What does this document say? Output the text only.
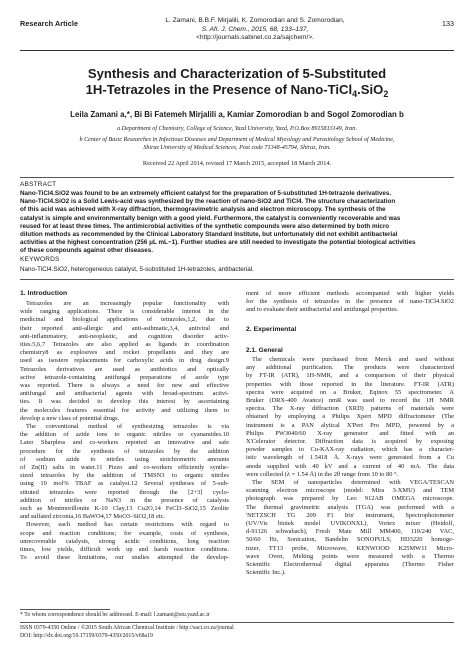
Research Article	L. Zamani, B.B.F. Mirjalili, K. Zomorodian and S. Zomorodian,
S. Afr. J. Chem., 2015, 68, 133–137,
<http://journals.sabinet.co.za/sajchem/>.
133
Synthesis and Characterization of 5-Substituted
1H-Tetrazoles in the Presence of Nano-TiCl$_4$.SiO$_2$
Leila Zamani a,*, Bi Bi Fatemeh Mirjalili a, Kamiar Zomorodian b and Sogol Zomorodian b
a Department of Chemistry, College of Science, Yazd University, Yazd, P.O.Box 8915813149, Iran.
b Center of Basic Researches in Infectious Diseases and Department of Medical Mycology and Parasitology School of Medicine,
Shiraz University of Medical Sciences, Post code 71348-45794, Shiraz, Iran.
Received 22 April 2014, revised 17 March 2015, accepted 18 March 2014.
ABSTRACT
Nano-TiCl4.SiO2 was found to be an extremely efficient catalyst for the preparation of 5-substituted 1H-tetrazole derivatives.
Nano-TiCl4.SiO2 is a Solid Lewis-acid was synthesized by the reaction of nano-SiO2 and TiCl4. The structure characterization
of this acid was achieved with X-ray diffraction, thermogravimetric analysis and electron microscopy. The synthesis of the
catalyst is simple and environmentally benign with a good yield. Furthermore, the catalyst is conveniently recoverable and was
reused for at least three times. The antimicrobial activities of the synthetic compounds were also determined by both micro
dilution methods as recommended by the Clinical Laboratory Standard Institute, but unfortunately did not exhibit antibacterial
activities at the highest concentration (256 μL mL−1). Further studies are still needed to investigate the potential biological activities
of these compounds against other diseases.
KEYWORDS
Nano-TiCl4.SiO2, heterogeneous catalyst, 5-substituted 1H-tetrazoles, antibacterial.
1. Introduction
Tetrazoles are an increasingly popular functionality with
wide ranging applications. There is considerable interest in the
medicinal and biological applications of tetrazoles,1,2, due to
their reported anti-allergic and anti-asthmatic,3,4, antiviral and
anti-inflammatory, anti-neoplastic, and cognition disorder activ-
ities.5,6,7 Tetrazoles are also applied as ligands in coordination
chemistry8 as explosives and rocket propellants and they are
used as isostere replacements for carboxylic acids in drug design.9
Tetrazoles derivatives are used as antibiotics and optically
active tetrazole-containing antifungal preparations of azole type
was reported. There is always a need for new and effective
antifungal and antibacterial agents with broad-spectrum activi-
ties. It was decided to develop this interest by ascertaining
the molecules features essential for activity and utilizing them to
develop a new class of potential drugs.
The conventional method of synthesizing tetrazoles is via
the addition of azide ions to organic nitriles or cyanamides.10
Later Sharpless and co-workers reported an innovative and safe
procedure for the synthesis of tetrazoles by the addition
of sodium azide to nitriles using stoichiometric amounts
of Zn(II) salts in water.11 Pizzo and co-workers efficiently synthe-
sized tetrazoles by the addition of TMSN3 to organic nitriles
using 10 mol% TBAF as catalyst.12 Several syntheses of 5-sub-
stituted tetrazoles were reported through the [2+3] cyclo-
addition of nitriles or NaN3 in the presence of catalysts
such as Montmorillonite K-10 Clay,13 Cu2O,14 FeCl3–SiO2,15 Zeolite
and sulfated zirconia,16 BaWO4,17 MoO3–SiO2,18 etc.
However, each method has certain restrictions with regard to
scope and reaction conditions; for example, costs of synthesis,
unrecoverable catalysts, strong acidic conditions, long reaction
times, low yields, difficult work up and harsh reaction conditions.
To avoid these limitations, our studies attempted the develop-
ment of more efficient methods accompanied with higher yields
for the synthesis of tetrazoles in the presence of nano-TiCl4.SiO2
and to evaluate their antibacterial and antifungal properties.
2. Experimental
2.1. General
The chemicals were purchased from Merck and used without
any additional purification. The products were characterized
by FT-IR (ATR), 1H-NMR, and a comparison of their physical
properties with those reported in the literature. FT-IR (ATR)
spectra were acquired on a Bruker, Eqinox 55 spectrometer. A
Bruker (DRX-400 Avance) nmR was used to record the 1H NMR
spectra. The X-ray diffraction (XRD) patterns of materials were
obtained by employing a Philips Xpert MPD diffractometer (The
instrument is a PAN alytical X'Pert Pro MPD, powered by a
Philips PW3040/60 X-ray generator and fitted with an
X'Celerator detector. Diffraction data is acquired by exposing
powder samples to Cu-KAX-ray radiation, which has a character-
istic wavelength of 1.5418 Å. X-rays were generated from a Cu
anode supplied with 40 kV and a current of 40 mA. The data
were collected (λ = 1.54 Å) in the 2θ range from 10 to 80 °.
The SEM of nanoparticles determined with VEGA/TESCAN
scanning electron microscope (model: Mira 3-XMU) and TEM
photograph was prepared by Leo 912AB OMEGA microscope.
The thermal gravimetric analysis (TGA) was performed with a
'NETZSCH TG 209 F1 Iris' instrument, Spectrophotometer
(UV/Vis biotek model UVIKONXL), Vortex mixer (Heidolf,
d-91126 schwabach), Fresh Mate Mill MM400, 110/240 VAC,
50/60 Hz, Sonication, Bandelin SONOPULS, HD3220 homoge-
nizer, TT13 probe, Microwave, KENWOOD K25MW11 Micro-
wave Oven, Melting points were measured with a Thermo
Scientific Electrothermal digital apparatus (Thermo Fisher
Scientific Inc.).
* To whom correspondence should be addressed. E-mail: l.zamani@stu.yazd.ac.ir
ISSN 0379-4350 Online / ©2015 South African Chemical Institute / http://saci.co.za/journal
DOI: http://dx.doi.org/10.17159/0379-4350/2015/v68a19
